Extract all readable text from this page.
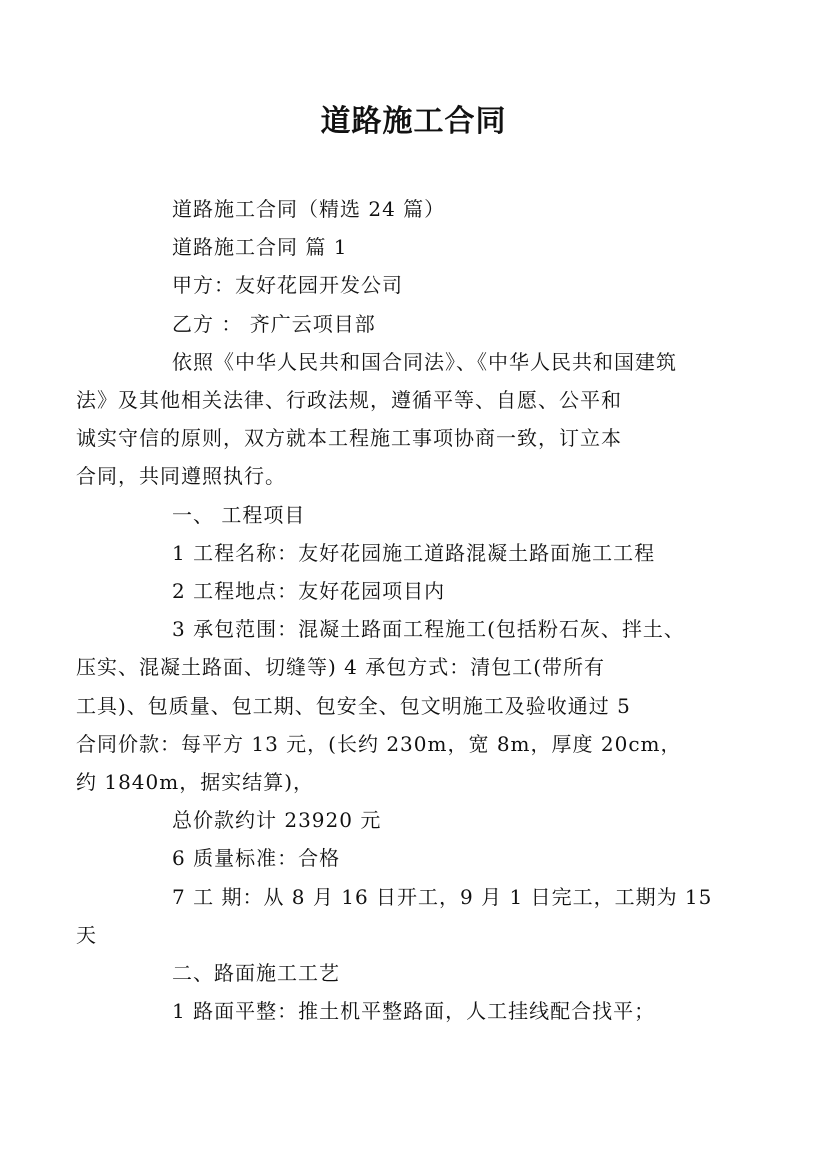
道路施工合同

道路施工合同（精选 24 篇）

道路施工合同 篇 1

甲方：友好花园开发公司

乙方 ： 齐广云项目部

依照《中华人民共和国合同法》、《中华人民共和国建筑
法》及其他相关法律、行政法规，遵循平等、自愿、公平和
诚实守信的原则，双方就本工程施工事项协商一致，订立本
合同，共同遵照执行。

一、 工程项目

1 工程名称：友好花园施工道路混凝土路面施工工程

2 工程地点：友好花园项目内

3 承包范围：混凝土路面工程施工(包括粉石灰、拌土、
压实、混凝土路面、切缝等) 4 承包方式：清包工(带所有
工具)、包质量、包工期、包安全、包文明施工及验收通过 5
合同价款：每平方 13 元，(长约 230m，宽 8m，厚度 20cm，
约 1840m，据实结算)，

总价款约计 23920 元

6 质量标准：合格

7 工 期：从 8 月 16 日开工，9 月 1 日完工，工期为 15
天

二、路面施工工艺

1 路面平整：推土机平整路面，人工挂线配合找平；
